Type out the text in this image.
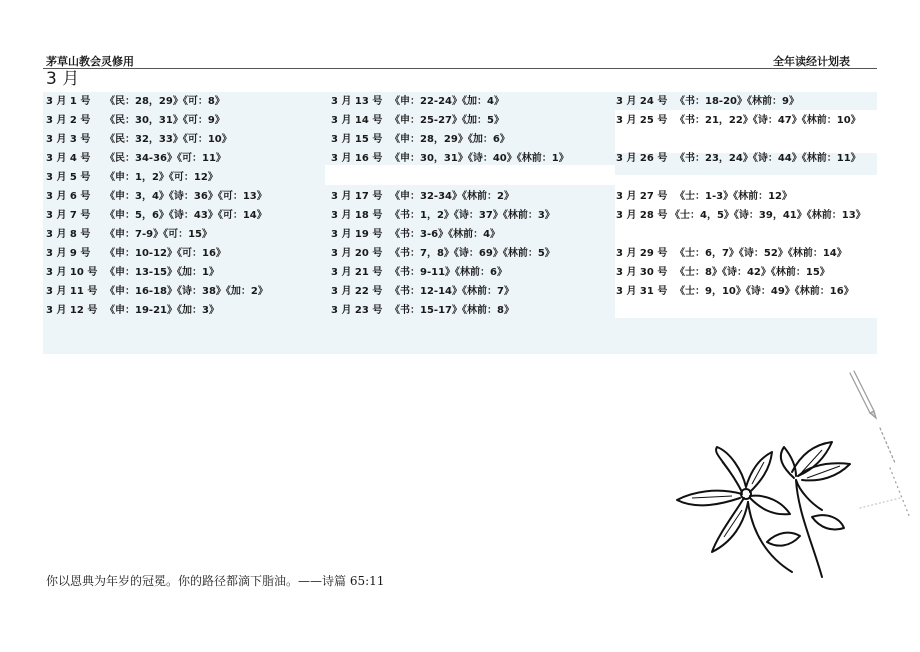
茅草山教会灵修用	全年读经计划表
3 月
3 月 1 号 《民：28，29》《可：8》
3 月 2 号 《民：30，31》《可：9》
3 月 3 号 《民：32，33》《可：10》
3 月 4 号 《民：34-36》《可：11》
3 月 5 号 《申：1，2》《可：12》
3 月 6 号 《申：3，4》《诗：36》《可：13》
3 月 7 号 《申：5，6》《诗：43》《可：14》
3 月 8 号 《申：7-9》《可：15》
3 月 9 号 《申：10-12》《可：16》
3 月 10 号 《申：13-15》《加：1》
3 月 11 号 《申：16-18》《诗：38》《加：2》
3 月 12 号 《申：19-21》《加：3》
3 月 13 号 《申：22-24》《加：4》
3 月 14 号 《申：25-27》《加：5》
3 月 15 号 《申：28，29》《加：6》
3 月 16 号 《申：30，31》《诗：40》《林前：1》
3 月 17 号 《申：32-34》《林前：2》
3 月 18 号 《书：1，2》《诗：37》《林前：3》
3 月 19 号 《书：3-6》《林前：4》
3 月 20 号 《书：7，8》《诗：69》《林前：5》
3 月 21 号 《书：9-11》《林前：6》
3 月 22 号 《书：12-14》《林前：7》
3 月 23 号 《书：15-17》《林前：8》
3 月 24 号 《书：18-20》《林前：9》
3 月 25 号 《书：21，22》《诗：47》《林前：10》
3 月 26 号 《书：23，24》《诗：44》《林前：11》
3 月 27 号 《士：1-3》《林前：12》
3 月 28 号 《士：4，5》《诗：39，41》《林前：13》
3 月 29 号 《士：6，7》《诗：52》《林前：14》
3 月 30 号 《士：8》《诗：42》《林前：15》
3 月 31 号 《士：9，10》《诗：49》《林前：16》
你以恩典为年岁的冠冕。你的路径都滴下脂油。——诗篇 65:11
